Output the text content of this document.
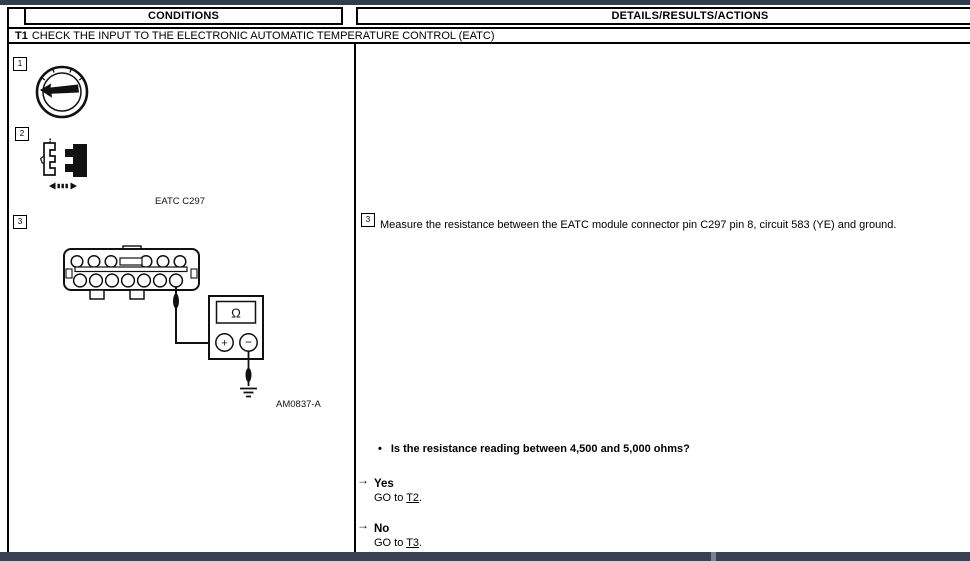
CONDITIONS	DETAILS/RESULTS/ACTIONS
T1 CHECK THE INPUT TO THE ELECTRONIC AUTOMATIC TEMPERATURE CONTROL (EATC)
1
2
EATC C297
3
Ω
+ −
AM0837-A
3 Measure the resistance between the EATC module connector pin C297 pin 8, circuit 583 (YE) and ground.
• Is the resistance reading between 4,500 and 5,000 ohms?
→ Yes
GO to T2.
→ No
GO to T3.
